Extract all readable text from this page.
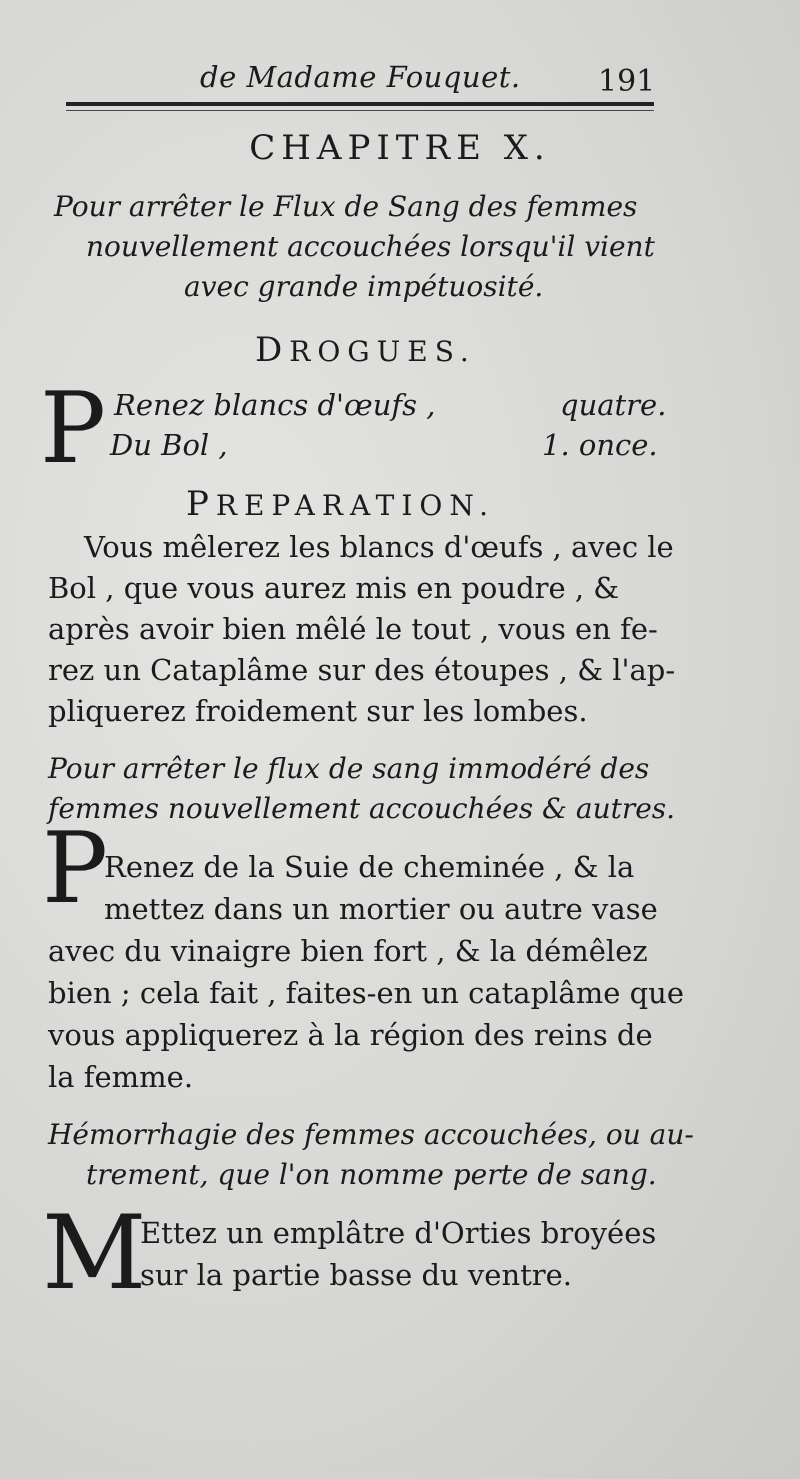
de Madame Fouquet.	191
CHAPITRE X.
Pour arrêter le Flux de Sang des femmes
nouvellement accouchées lorsqu'il vient
avec grande impétuosité.
DROGUES.
P Renez blancs d'œufs ,	quatre.
Du Bol ,	1. once.
PREPARATION.
Vous mêlerez les blancs d'œufs , avec le
Bol , que vous aurez mis en poudre , &
après avoir bien mêlé le tout , vous en fe-
rez un Cataplâme sur des étoupes , & l'ap-
pliquerez froidement sur les lombes.
Pour arrêter le flux de sang immodéré des
femmes nouvellement accouchées & autres.
P
Renez de la Suie de cheminée , & la
mettez dans un mortier ou autre vase
avec du vinaigre bien fort , & la démêlez
bien ; cela fait , faites-en un cataplâme que
vous appliquerez à la région des reins de
la femme.
Hémorrhagie des femmes accouchées, ou au-
trement, que l'on nomme perte de sang.
M
Ettez un emplâtre d'Orties broyées
sur la partie basse du ventre.
